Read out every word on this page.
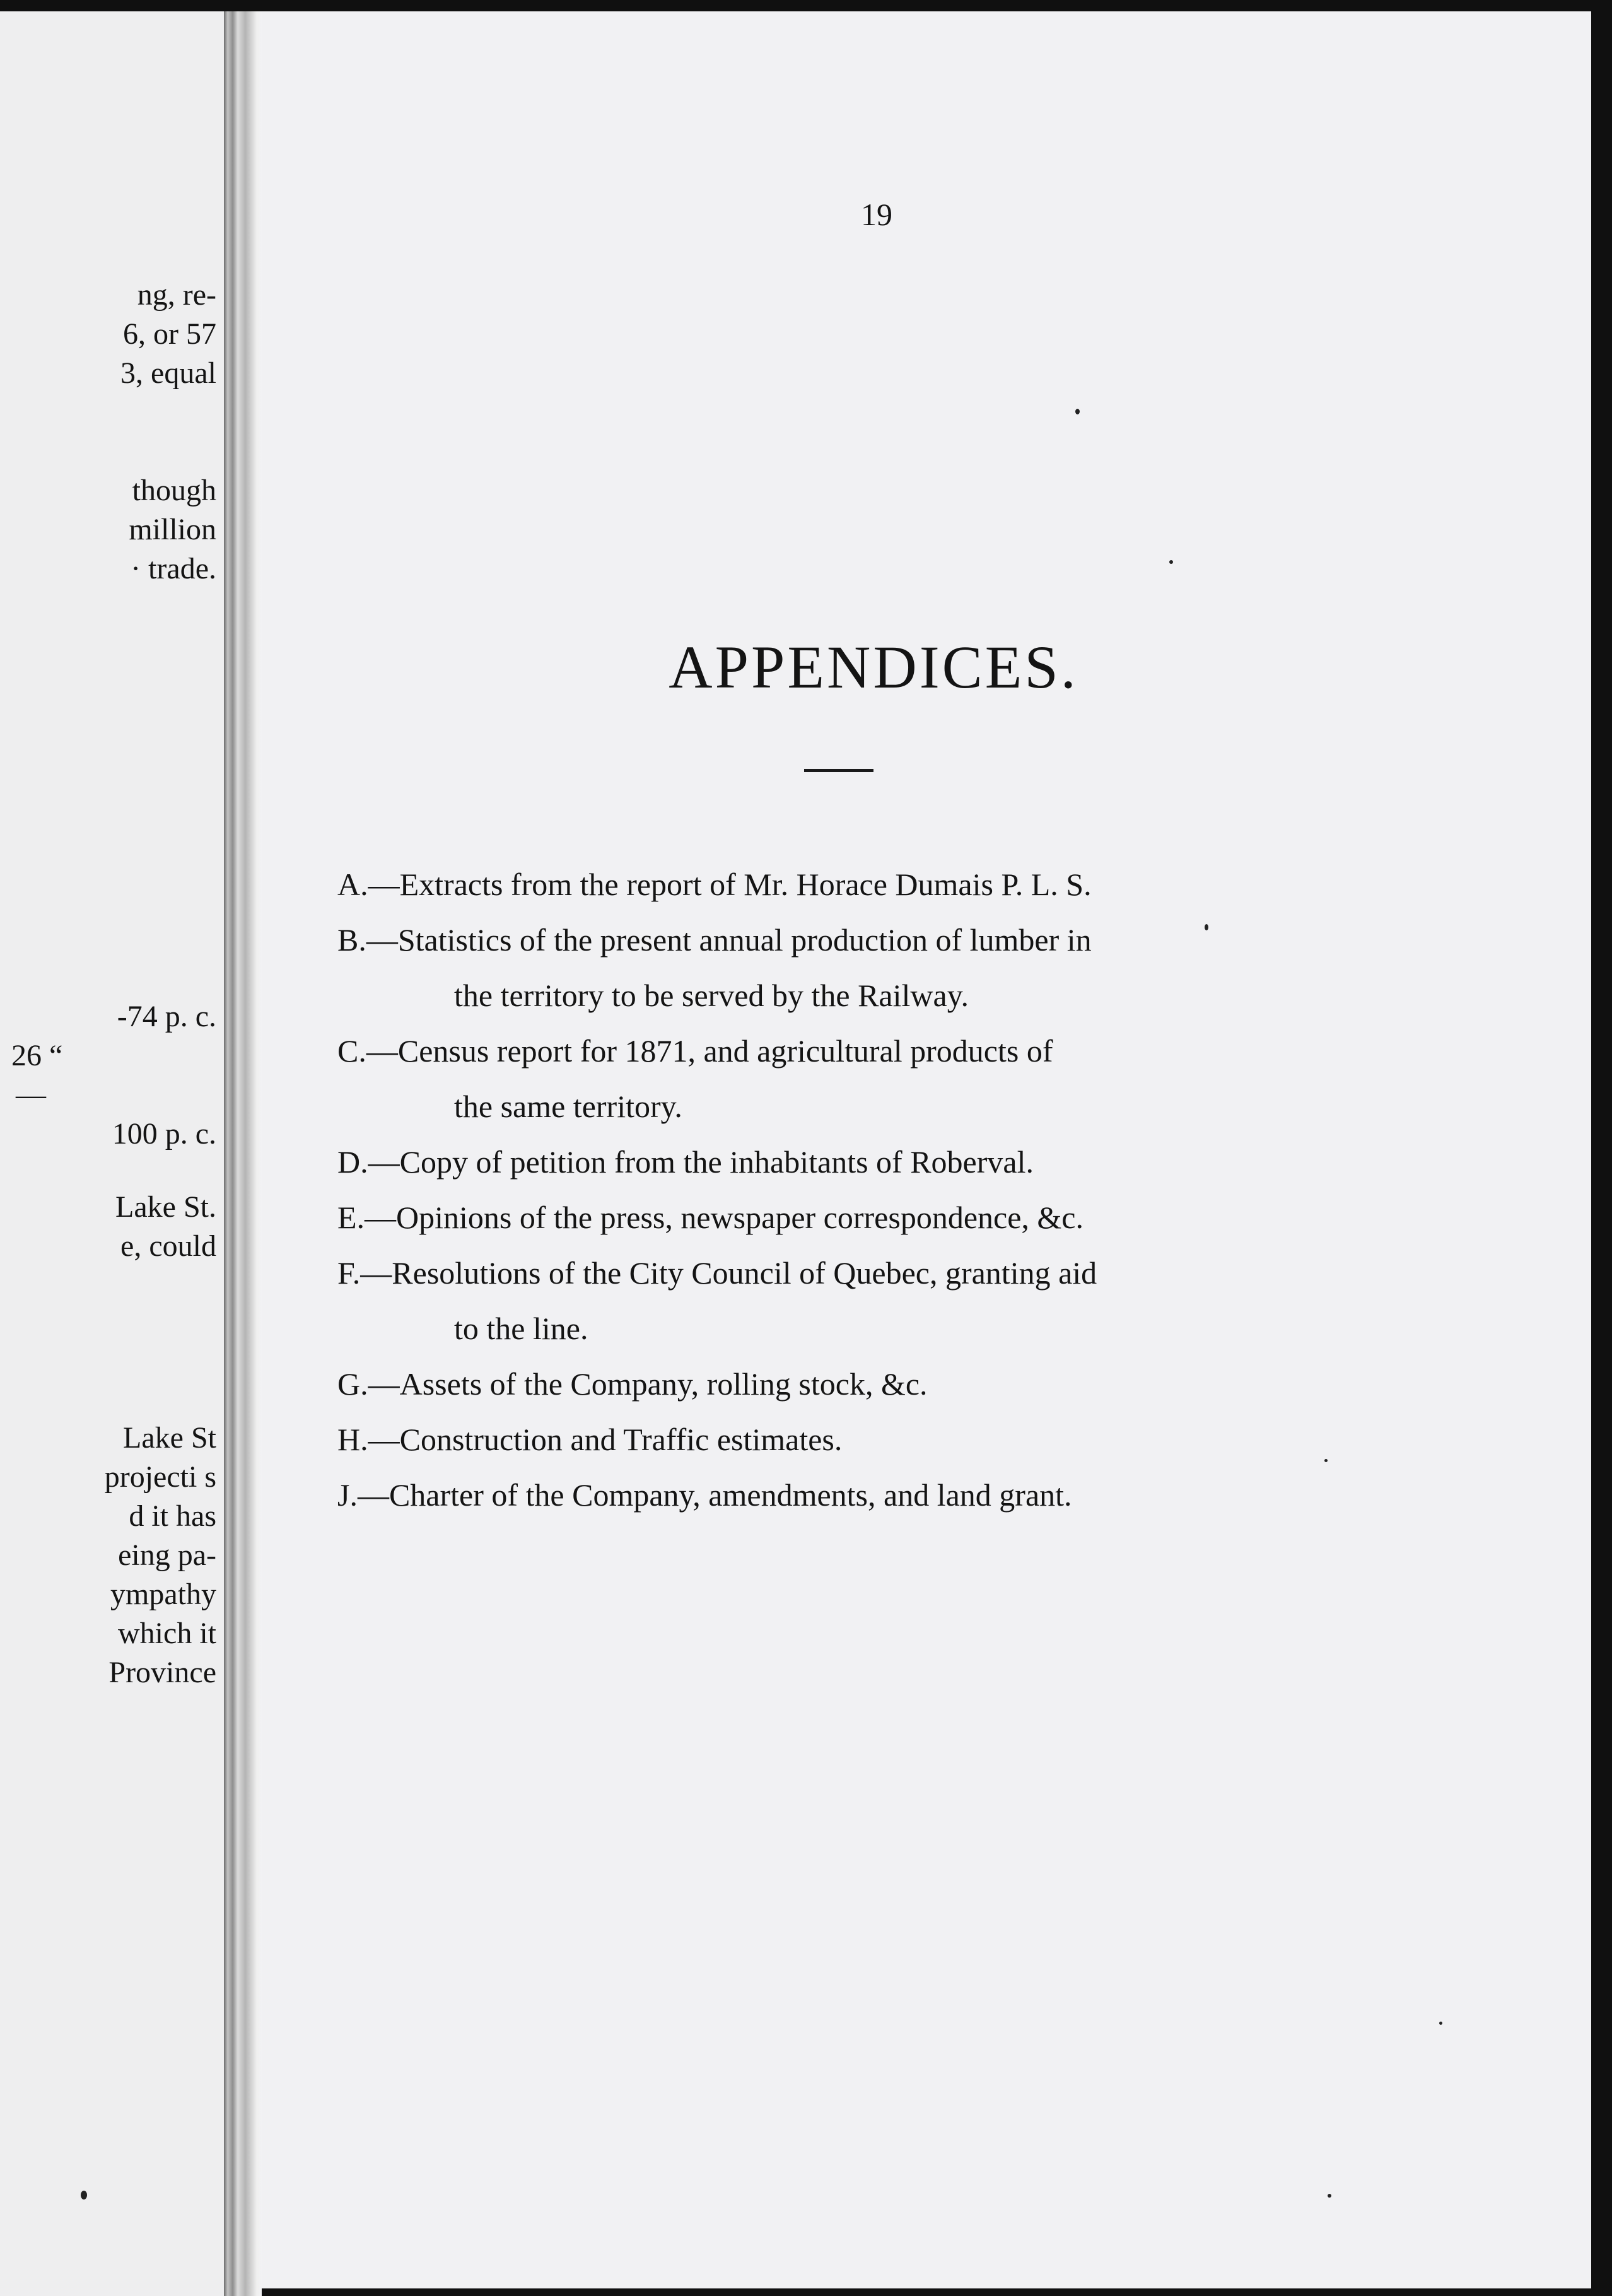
ng, re-
6, or 57
3, equal
though
million
· trade.
-74 p. c.
26 “
—
100 p. c.
Lake St.
e, could
Lake St
projecti s
d it has
eing pa-
ympathy
which it
Province
19
APPENDICES.
A.—Extracts from the report of Mr. Horace Dumais P. L. S.
B.—Statistics of the present annual production of lumber in
the territory to be served by the Railway.
C.—Census report for 1871, and agricultural products of
the same territory.
D.—Copy of petition from the inhabitants of Roberval.
E.—Opinions of the press, newspaper correspondence, &c.
F.—Resolutions of the City Council of Quebec, granting aid
to the line.
G.—Assets of the Company, rolling stock, &c.
H.—Construction and Traffic estimates.
J.—Charter of the Company, amendments, and land grant.
